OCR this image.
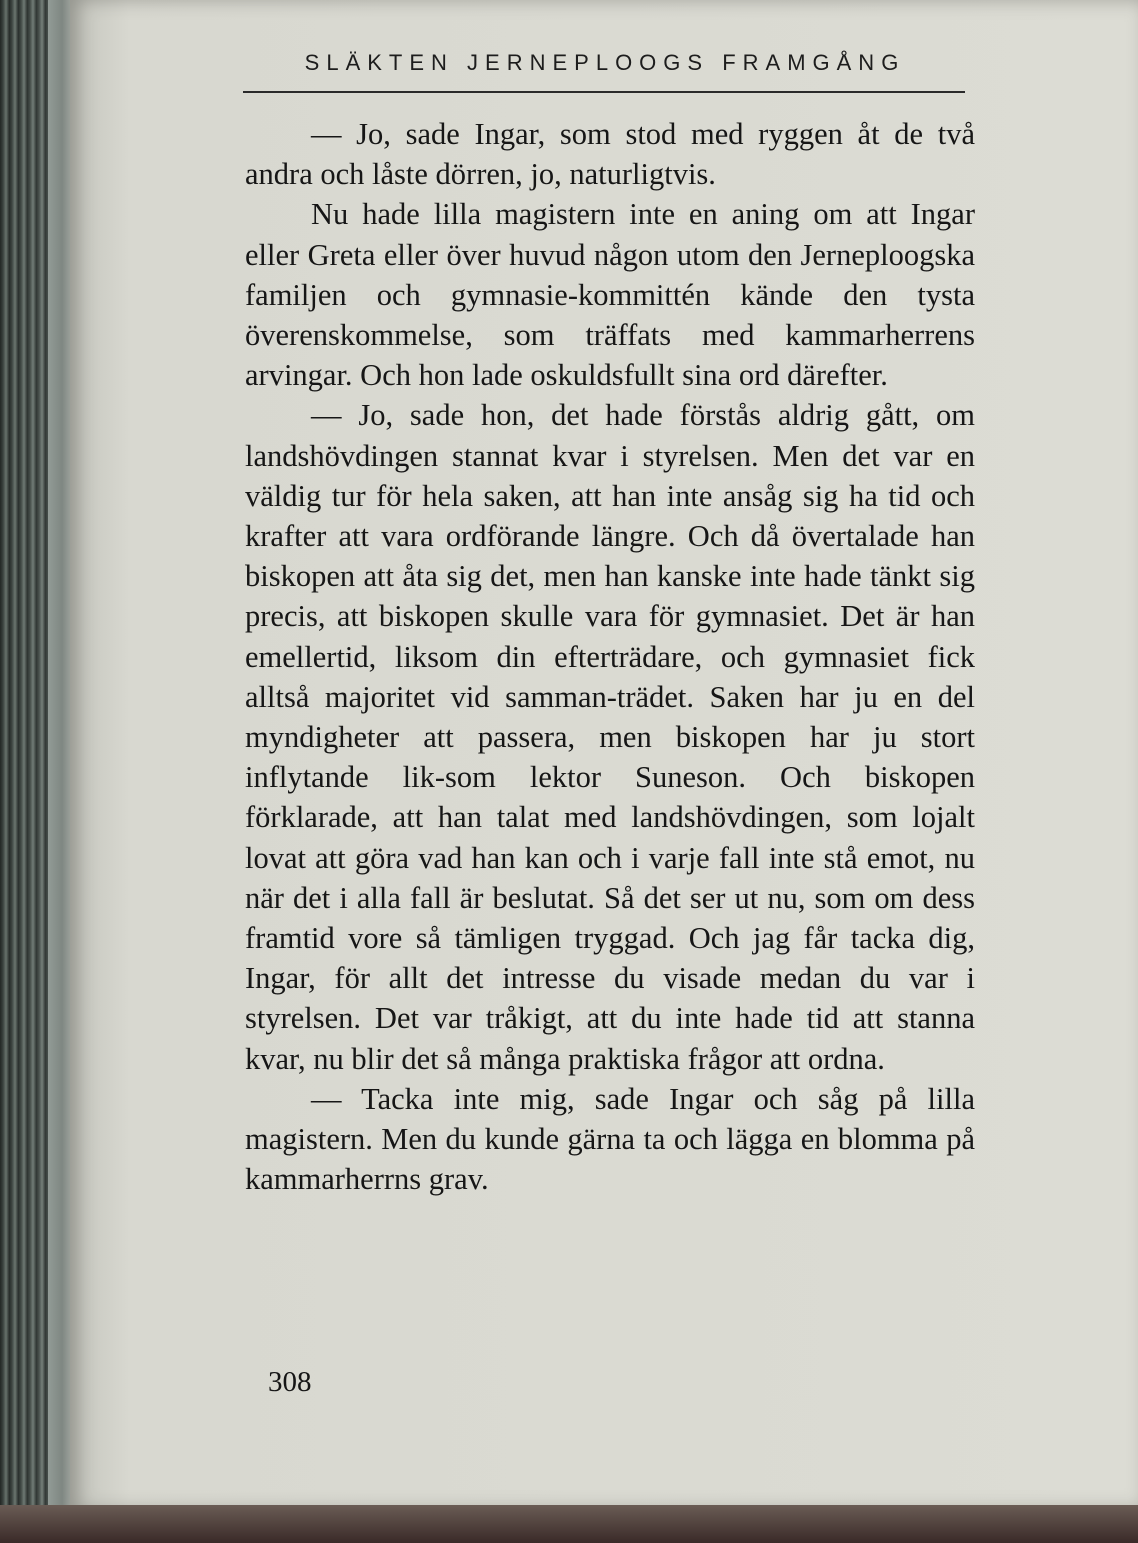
SLÄKTEN JERNEPLOOGS FRAMGÅNG

— Jo, sade Ingar, som stod med ryggen åt de två andra och låste dörren, jo, naturligtvis.

Nu hade lilla magistern inte en aning om att Ingar eller Greta eller över huvud någon utom den Jerneploogska familjen och gymnasie-kommittén kände den tysta överenskommelse, som träffats med kammarherrens arvingar. Och hon lade oskuldsfullt sina ord därefter.

— Jo, sade hon, det hade förstås aldrig gått, om landshövdingen stannat kvar i styrelsen. Men det var en väldig tur för hela saken, att han inte ansåg sig ha tid och krafter att vara ordförande längre. Och då övertalade han biskopen att åta sig det, men han kanske inte hade tänkt sig precis, att biskopen skulle vara för gymnasiet. Det är han emellertid, liksom din efterträdare, och gymnasiet fick alltså majoritet vid samman-trädet. Saken har ju en del myndigheter att passera, men biskopen har ju stort inflytande lik-som lektor Suneson. Och biskopen förklarade, att han talat med landshövdingen, som lojalt lovat att göra vad han kan och i varje fall inte stå emot, nu när det i alla fall är beslutat. Så det ser ut nu, som om dess framtid vore så tämligen tryggad. Och jag får tacka dig, Ingar, för allt det intresse du visade medan du var i styrelsen. Det var tråkigt, att du inte hade tid att stanna kvar, nu blir det så många praktiska frågor att ordna.

— Tacka inte mig, sade Ingar och såg på lilla magistern. Men du kunde gärna ta och lägga en blomma på kammarherrns grav.

308
